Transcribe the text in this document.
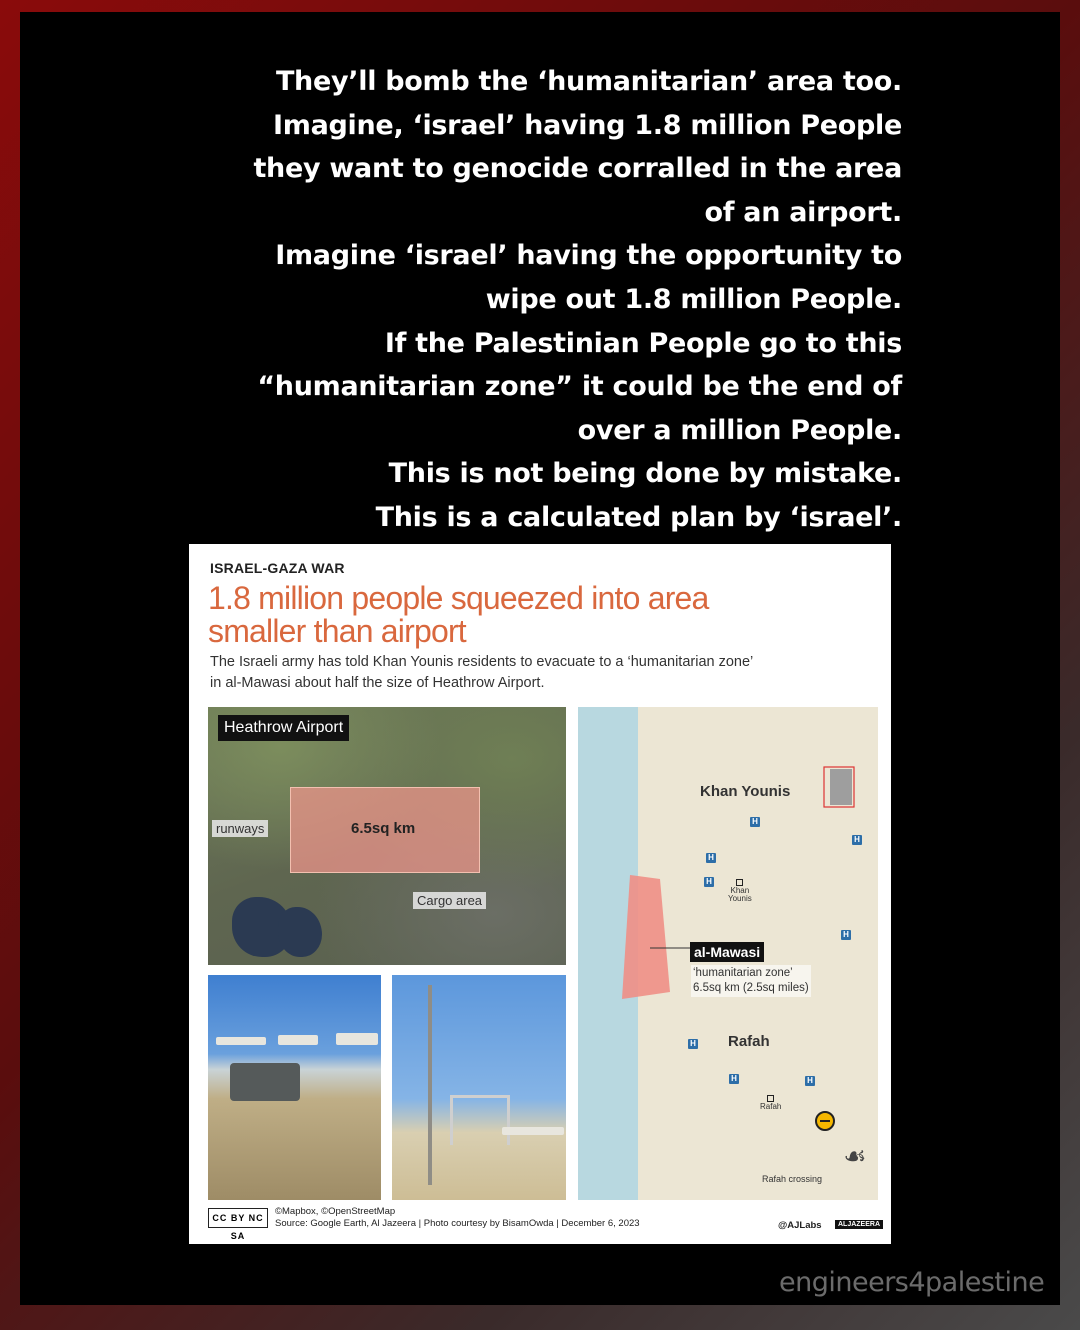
They’ll bomb the ‘humanitarian’ area too.
Imagine, ‘israel’ having 1.8 million People
they want to genocide corralled in the area
of an airport.
Imagine ‘israel’ having the opportunity to
wipe out 1.8 million People.
If the Palestinian People go to this
“humanitarian zone” it could be the end of
over a million People.
This is not being done by mistake.
This is a calculated plan by ‘israel’.
ISRAEL-GAZA WAR
1.8 million people squeezed into area
smaller than airport
The Israeli army has told Khan Younis residents to evacuate to a ‘humanitarian zone’
in al-Mawasi about half the size of Heathrow Airport.
Heathrow Airport
6.5sq km
runways
Cargo area
Khan Younis
Khan
Younis
al-Mawasi
‘humanitarian zone’
6.5sq km (2.5sq miles)
Rafah
Rafah
H
H
H
H
H
H
H	H
Rafah crossing
☙
CC BY NC SA
©Mapbox, ©OpenStreetMap
Source: Google Earth, Al Jazeera | Photo courtesy by BisamOwda | December 6, 2023	@AJLabs	ALJAZEERA
engineers4palestine
